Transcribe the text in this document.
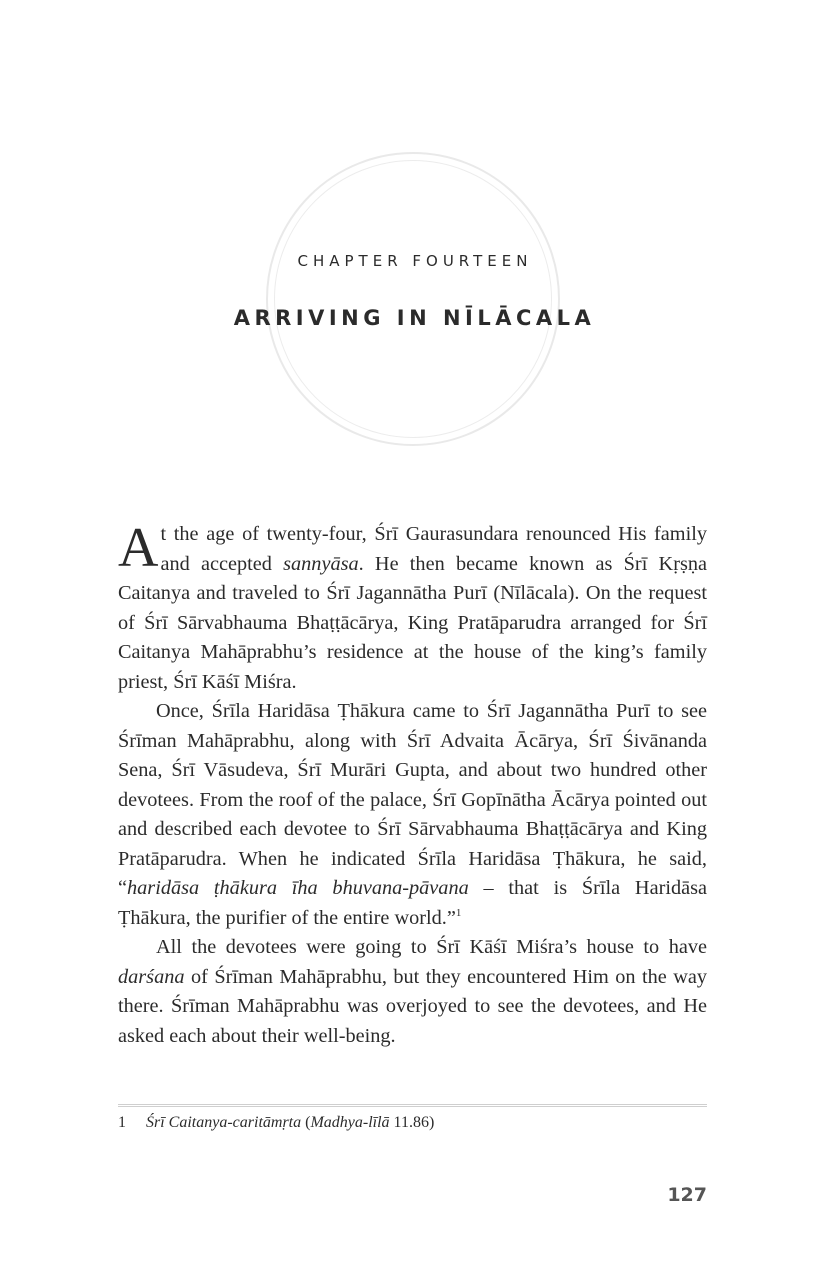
CHAPTER FOURTEEN
ARRIVING IN NĪLĀCALA

At the age of twenty-four, Śrī Gaurasundara renounced His family and accepted sannyāsa. He then became known as Śrī Kṛṣṇa Caitanya and traveled to Śrī Jagannātha Purī (Nīlācala). On the request of Śrī Sārvabhauma Bhaṭṭācārya, King Pratāparudra arranged for Śrī Caitanya Mahāprabhu’s residence at the house of the king’s family priest, Śrī Kāśī Miśra.

Once, Śrīla Haridāsa Ṭhākura came to Śrī Jagannātha Purī to see Śrīman Mahāprabhu, along with Śrī Advaita Ācārya, Śrī Śivānanda Sena, Śrī Vāsudeva, Śrī Murāri Gupta, and about two hundred other devotees. From the roof of the palace, Śrī Gopīnātha Ācārya pointed out and described each devotee to Śrī Sārvabhauma Bhaṭṭācārya and King Pratāparudra. When he indicated Śrīla Haridāsa Ṭhākura, he said, “haridāsa ṭhākura īha bhuvana-pāvana – that is Śrīla Haridāsa Ṭhākura, the purifier of the entire world.”$^1$

All the devotees were going to Śrī Kāśī Miśra’s house to have darśana of Śrīman Mahāprabhu, but they encountered Him on the way there. Śrīman Mahāprabhu was overjoyed to see the devotees, and He asked each about their well-being.

1 Śrī Caitanya-caritāmṛta (Madhya-līlā 11.86)
127
